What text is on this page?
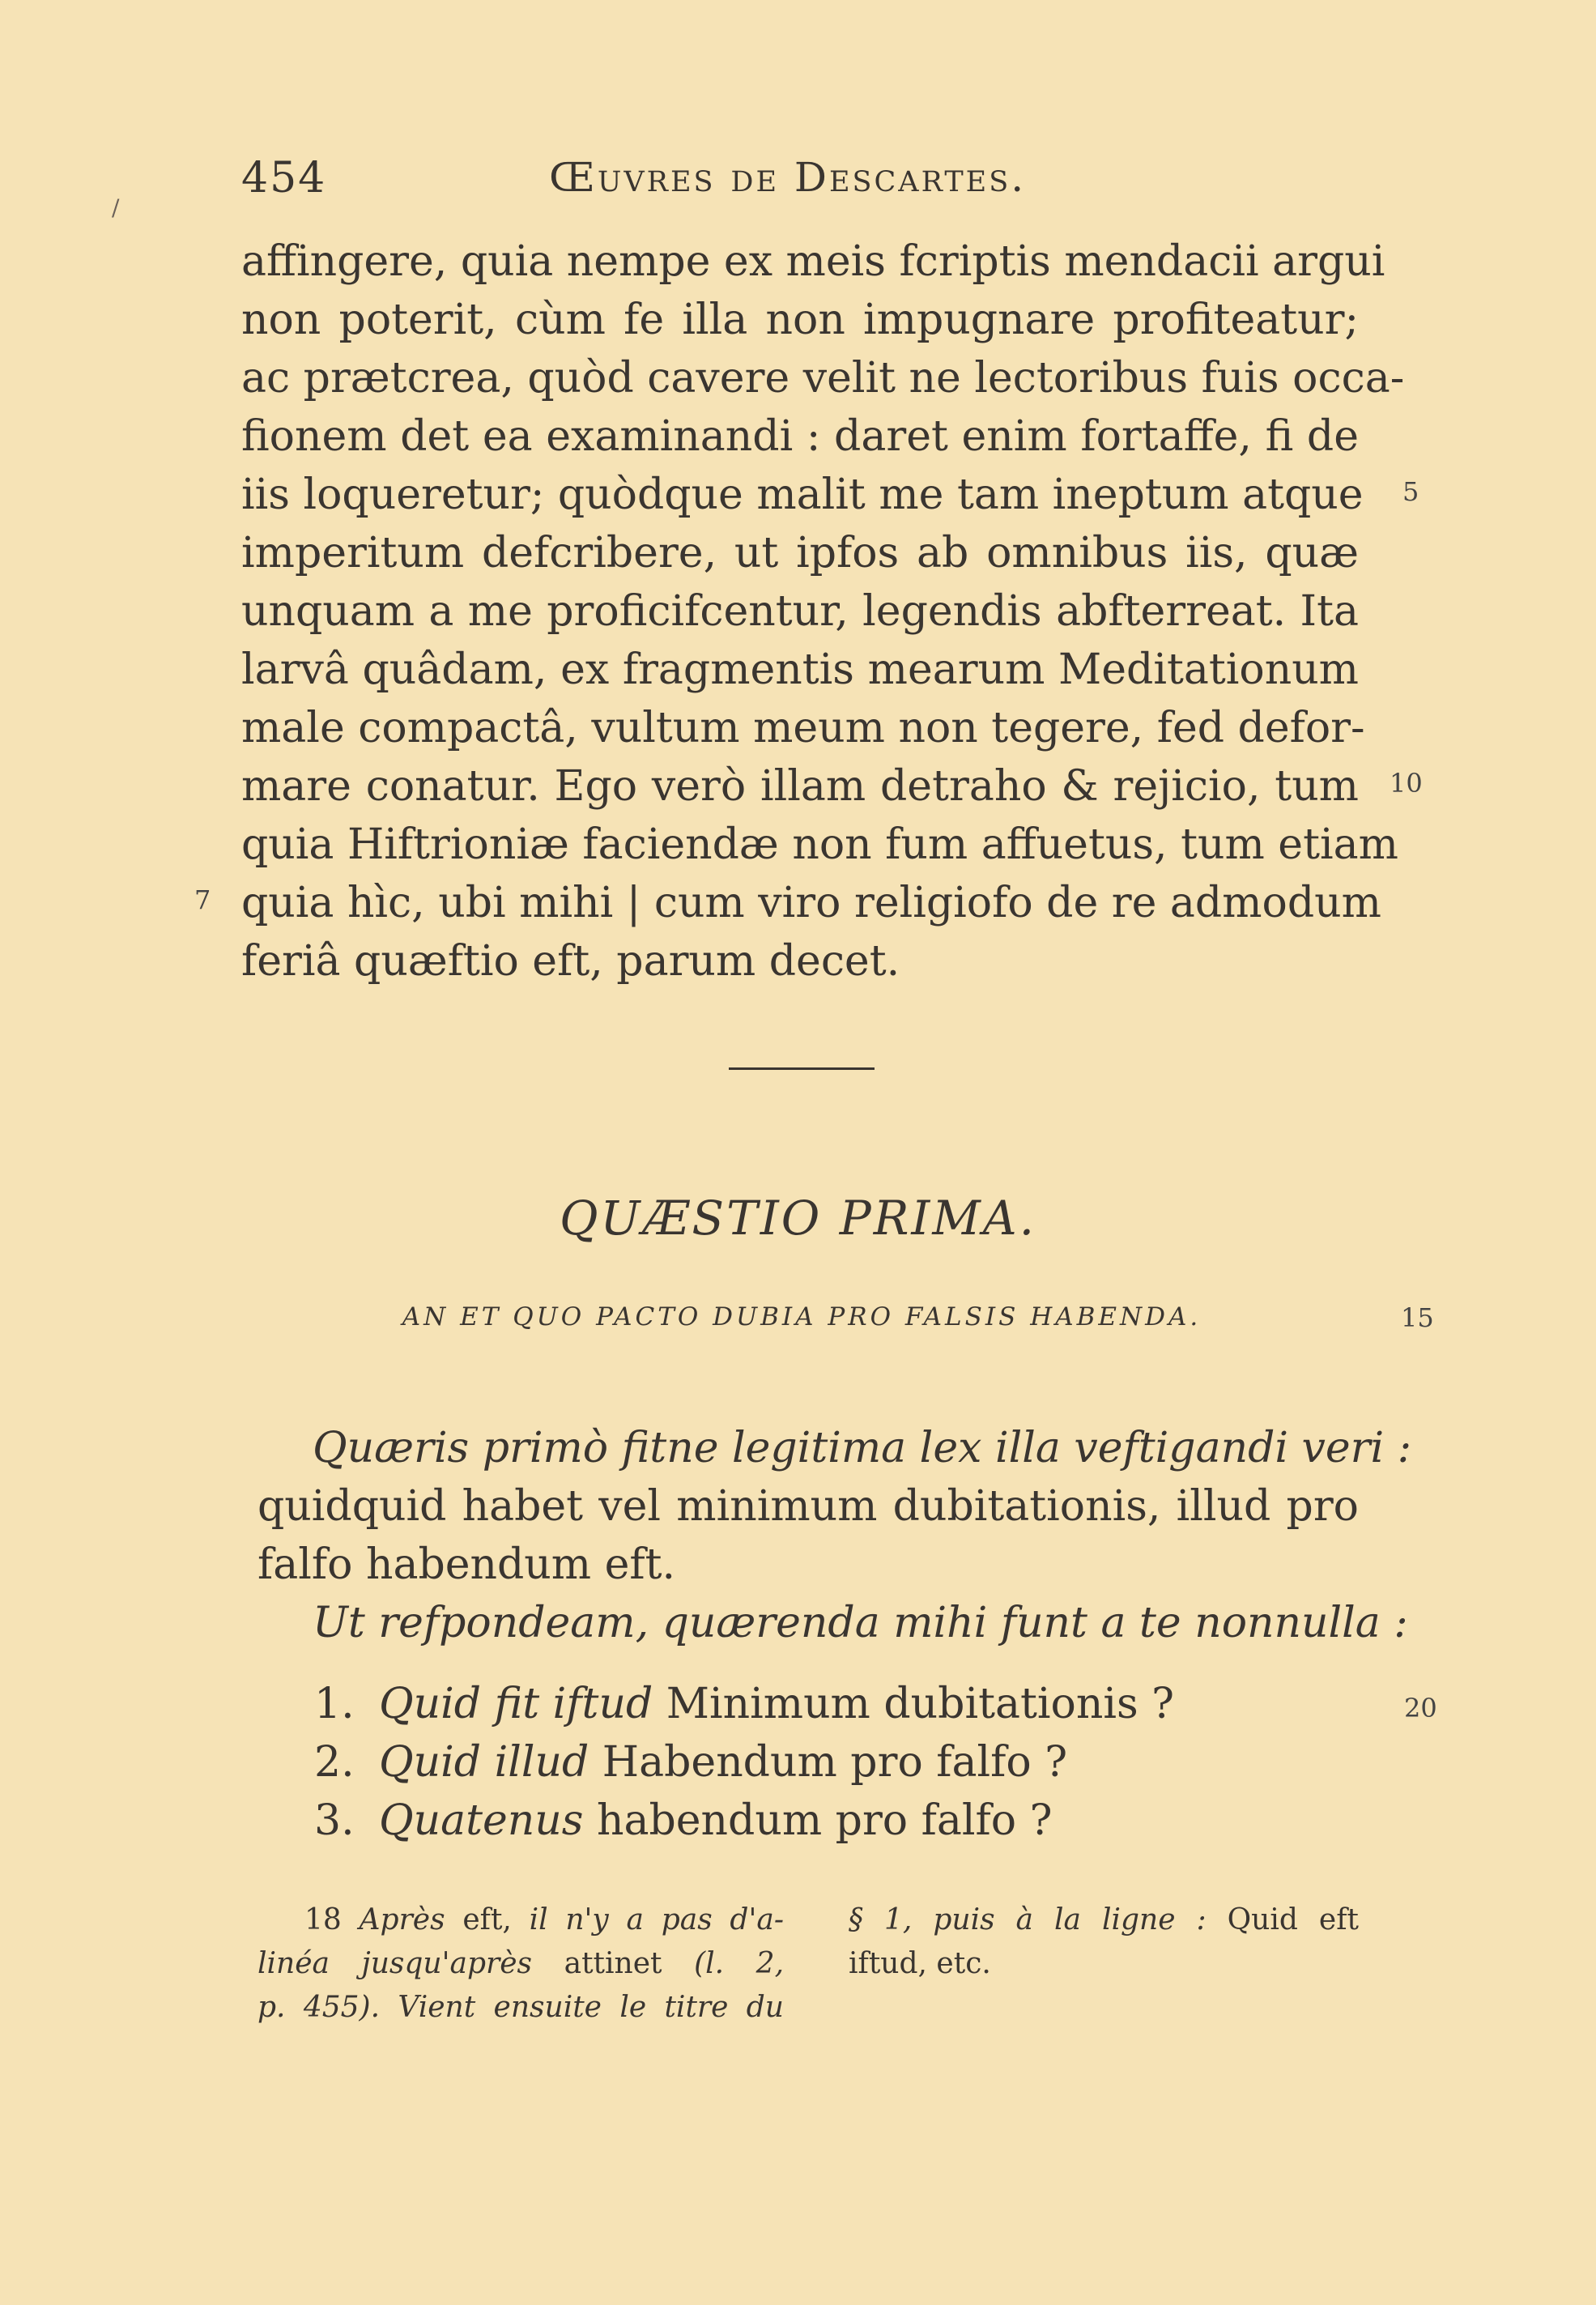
/
454	Œuvres de Descartes.
affingere, quia nempe ex meis fcriptis mendacii argui
non poterit, cùm fe illa non impugnare profiteatur;
ac prætcrea, quòd cavere velit ne lectoribus fuis occa-
fionem det ea examinandi : daret enim fortaffe, fi de
iis loqueretur; quòdque malit me tam ineptum atque
imperitum defcribere, ut ipfos ab omnibus iis, quæ
unquam a me proficifcentur, legendis abfterreat. Ita
larvâ quâdam, ex fragmentis mearum Meditationum
male compactâ, vultum meum non tegere, fed defor-
mare conatur. Ego verò illam detraho & rejicio, tum
quia Hiftrioniæ faciendæ non fum affuetus, tum etiam
quia hìc, ubi mihi | cum viro religiofo de re admodum
feriâ quæftio eft, parum decet.
5
10
7
15
20
QUÆSTIO PRIMA.
AN ET QUO PACTO DUBIA PRO FALSIS HABENDA.
Quæris primò fitne legitima lex illa veftigandi veri :
quidquid habet vel minimum dubitationis, illud pro
falfo habendum eft.
Ut refpondeam, quærenda mihi funt a te nonnulla :
1. Quid fit iftud Minimum dubitationis ?
2. Quid illud Habendum pro falfo ?
3. Quatenus habendum pro falfo ?
18 Après eft, il n'y a pas d'a-
linéa jusqu'après attinet (l. 2,
p. 455). Vient ensuite le titre du
§ 1, puis à la ligne : Quid eft
iftud, etc.
